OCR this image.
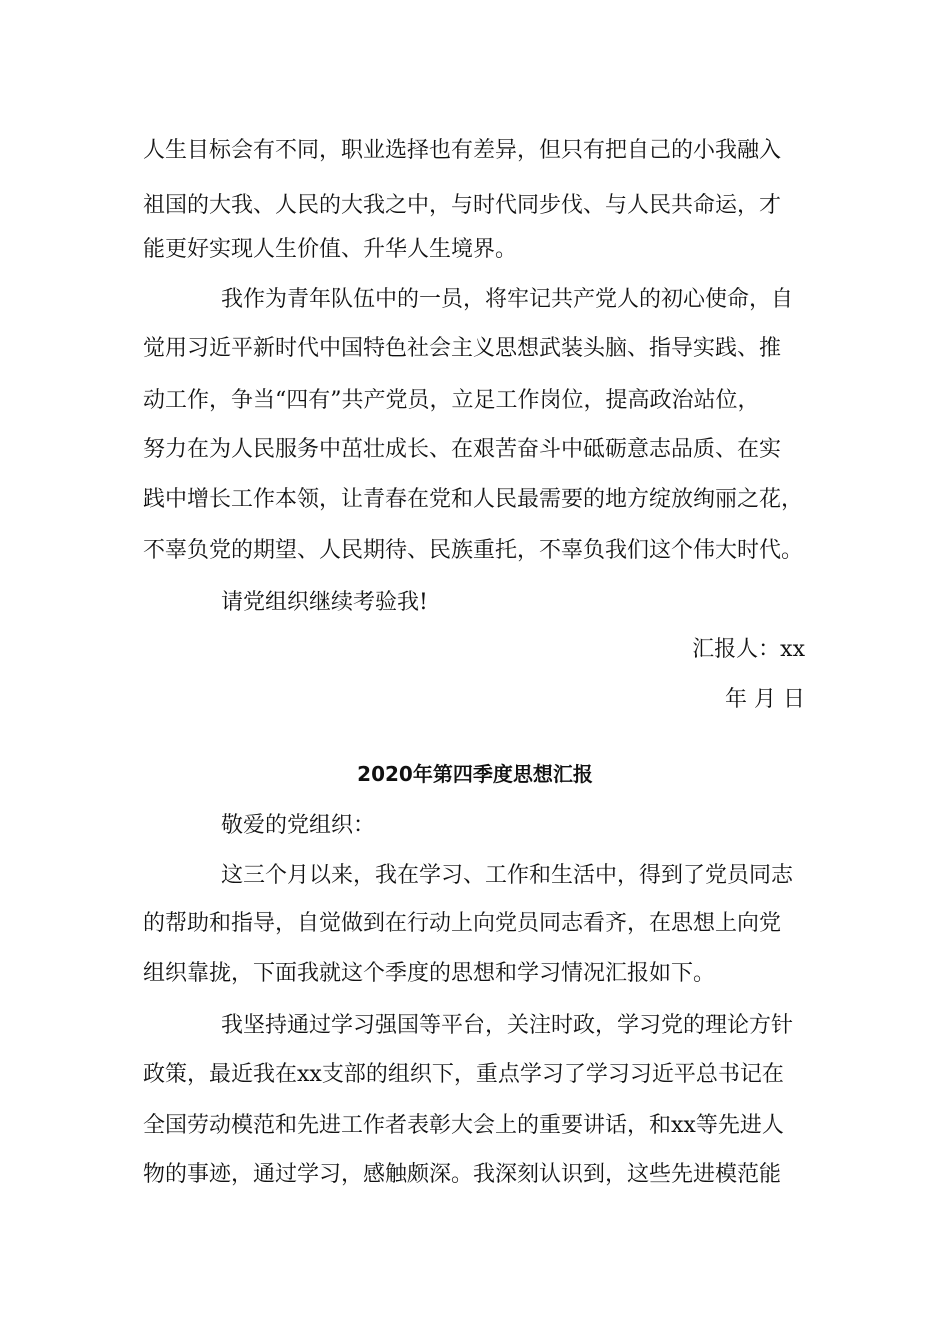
人生目标会有不同，职业选择也有差异，但只有把自己的小我融入
祖国的大我、人民的大我之中，与时代同步伐、与人民共命运，才
能更好实现人生价值、升华人生境界。
我作为青年队伍中的一员，将牢记共产党人的初心使命，自
觉用习近平新时代中国特色社会主义思想武装头脑、指导实践、推
动工作，争当“四有”共产党员，立足工作岗位，提高政治站位，
努力在为人民服务中茁壮成长、在艰苦奋斗中砥砺意志品质、在实
践中增长工作本领，让青春在党和人民最需要的地方绽放绚丽之花，
不辜负党的期望、人民期待、民族重托，不辜负我们这个伟大时代。
请党组织继续考验我!
汇报人：xx
年 月 日
2020年第四季度思想汇报
敬爱的党组织：
这三个月以来，我在学习、工作和生活中，得到了党员同志
的帮助和指导，自觉做到在行动上向党员同志看齐，在思想上向党
组织靠拢，下面我就这个季度的思想和学习情况汇报如下。
我坚持通过学习强国等平台，关注时政，学习党的理论方针
政策，最近我在xx支部的组织下，重点学习了学习习近平总书记在
全国劳动模范和先进工作者表彰大会上的重要讲话，和xx等先进人
物的事迹，通过学习，感触颇深。我深刻认识到，这些先进模范能
